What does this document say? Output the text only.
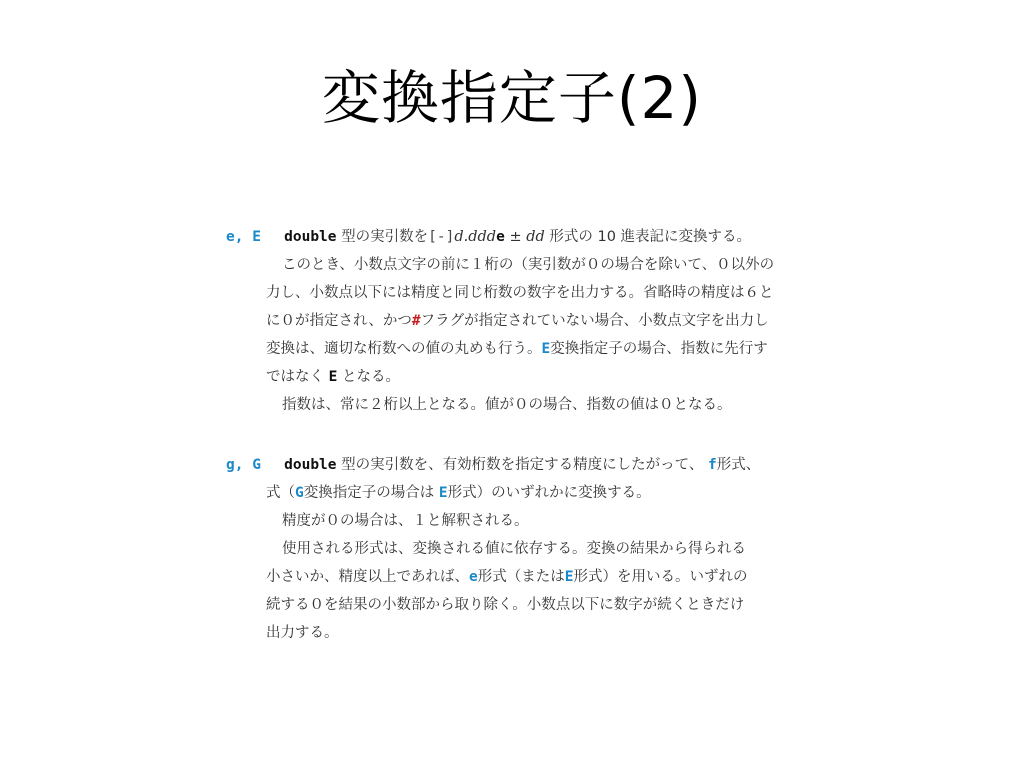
変換指定子(2)
e, E double 型の実引数を[-]d.ddde ± dd 形式の 10 進表記に変換する。
このとき、小数点文字の前に１桁の（実引数が０の場合を除いて、０以外の
力し、小数点以下には精度と同じ桁数の数字を出力する。省略時の精度は６と
に０が指定され、かつ#フラグが指定されていない場合、小数点文字を出力し
変換は、適切な桁数への値の丸めも行う。E変換指定子の場合、指数に先行す
ではなく E となる。
指数は、常に２桁以上となる。値が０の場合、指数の値は０となる。
g, G double 型の実引数を、有効桁数を指定する精度にしたがって、 f形式、
式（G変換指定子の場合は E形式）のいずれかに変換する。
精度が０の場合は、１と解釈される。
使用される形式は、変換される値に依存する。変換の結果から得られる
小さいか、精度以上であれば、e形式（またはE形式）を用いる。いずれの
続する０を結果の小数部から取り除く。小数点以下に数字が続くときだけ
出力する。
